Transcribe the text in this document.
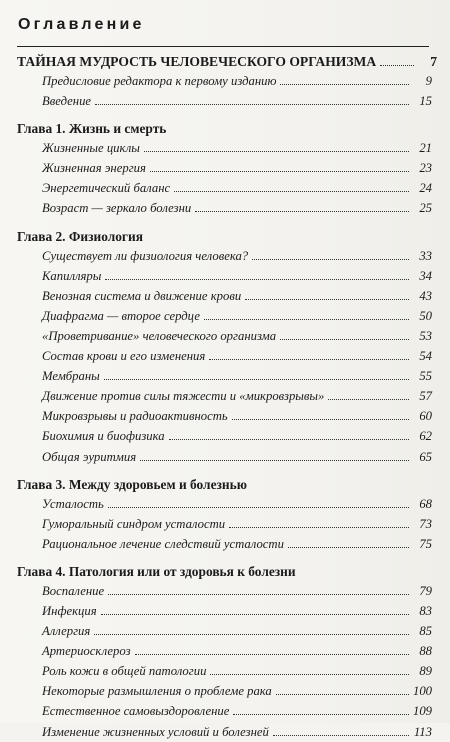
Оглавление
ТАЙНАЯ МУДРОСТЬ ЧЕЛОВЕЧЕСКОГО ОРГАНИЗМА	7
Предисловие редактора к первому изданию	9
Введение	15
Глава 1. Жизнь и смерть
Жизненные циклы	21
Жизненная энергия	23
Энергетический баланс	24
Возраст — зеркало болезни	25
Глава 2. Физиология
Существует ли физиология человека?	33
Капилляры	34
Венозная система и движение крови	43
Диафрагма — второе сердце	50
«Проветривание» человеческого организма	53
Состав крови и его изменения	54
Мембраны	55
Движение против силы тяжести и «микровзрывы»	57
Микровзрывы и радиоактивность	60
Биохимия и биофизика	62
Общая эуритмия	65
Глава 3. Между здоровьем и болезнью
Усталость	68
Гуморальный синдром усталости	73
Рациональное лечение следствий усталости	75
Глава 4. Патология или от здоровья к болезни
Воспаление	79
Инфекция	83
Аллергия	85
Артериосклероз	88
Роль кожи в общей патологии	89
Некоторые размышления о проблеме рака	100
Естественное самовыздоровление	109
Изменение жизненных условий и болезней	113
